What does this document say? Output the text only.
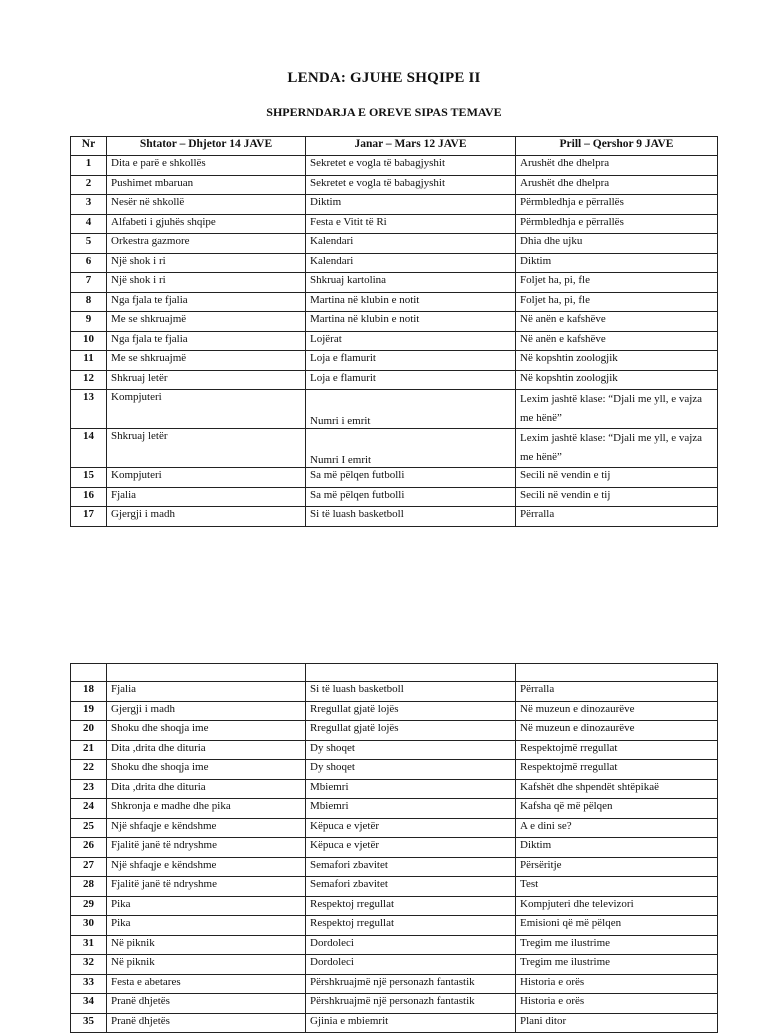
LENDA: GJUHE SHQIPE II
SHPERNDARJA E OREVE SIPAS TEMAVE
Nr	Shtator – Dhjetor 14 JAVE	Janar – Mars 12 JAVE	Prill – Qershor 9 JAVE
1	Dita e parë e shkollës	Sekretet e vogla të babagjyshit	Arushët dhe dhelpra
2	Pushimet mbaruan	Sekretet e vogla të babagjyshit	Arushët dhe dhelpra
3	Nesër në shkollë	Diktim	Përmbledhja e përrallës
4	Alfabeti i gjuhës shqipe	Festa e Vitit të Ri	Përmbledhja e përrallës
5	Orkestra gazmore	Kalendari	Dhia dhe ujku
6	Një shok i ri	Kalendari	Diktim
7	Një shok i ri	Shkruaj kartolina	Foljet ha, pi, fle
8	Nga fjala te fjalia	Martina në klubin e notit	Foljet ha, pi, fle
9	Me se shkruajmë	Martina në klubin e notit	Në anën e kafshëve
10	Nga fjala te fjalia	Lojërat	Në anën e kafshëve
11	Me se shkruajmë	Loja e flamurit	Në kopshtin zoologjik
12	Shkruaj letër	Loja e flamurit	Në kopshtin zoologjik
13	Kompjuteri	Numri i emrit	Lexim jashtë klase: “Djali me yll, e vajza me hënë”
14	Shkruaj letër	Numri I emrit	Lexim jashtë klase: “Djali me yll, e vajza me hënë”
15	Kompjuteri	Sa më pëlqen futbolli	Secili në vendin e tij
16	Fjalia	Sa më pëlqen futbolli	Secili në vendin e tij
17	Gjergji i madh	Si të luash basketboll	Përralla

18	Fjalia	Si të luash basketboll	Përralla
19	Gjergji i madh	Rregullat gjatë lojës	Në muzeun e dinozaurëve
20	Shoku dhe shoqja ime	Rregullat gjatë lojës	Në muzeun e dinozaurëve
21	Dita ,drita dhe dituria	Dy shoqet	Respektojmë rregullat
22	Shoku dhe shoqja ime	Dy shoqet	Respektojmë rregullat
23	Dita ,drita dhe dituria	Mbiemri	Kafshët dhe shpendët shtëpikaë
24	Shkronja e madhe dhe pika	Mbiemri	Kafsha që më pëlqen
25	Një shfaqje e këndshme	Këpuca e vjetër	A e dini se?
26	Fjalitë janë të ndryshme	Këpuca e vjetër	Diktim
27	Një shfaqje e këndshme	Semafori zbavitet	Përsëritje
28	Fjalitë janë të ndryshme	Semafori zbavitet	Test
29	Pika	Respektoj rregullat	Kompjuteri dhe televizori
30	Pika	Respektoj rregullat	Emisioni që më pëlqen
31	Në piknik	Dordoleci	Tregim me ilustrime
32	Në piknik	Dordoleci	Tregim me ilustrime
33	Festa e abetares	Përshkruajmë një personazh fantastik	Historia e orës
34	Pranë dhjetës	Përshkruajmë një personazh fantastik	Historia e orës
35	Pranë dhjetës	Gjinia e mbiemrit	Plani ditor
